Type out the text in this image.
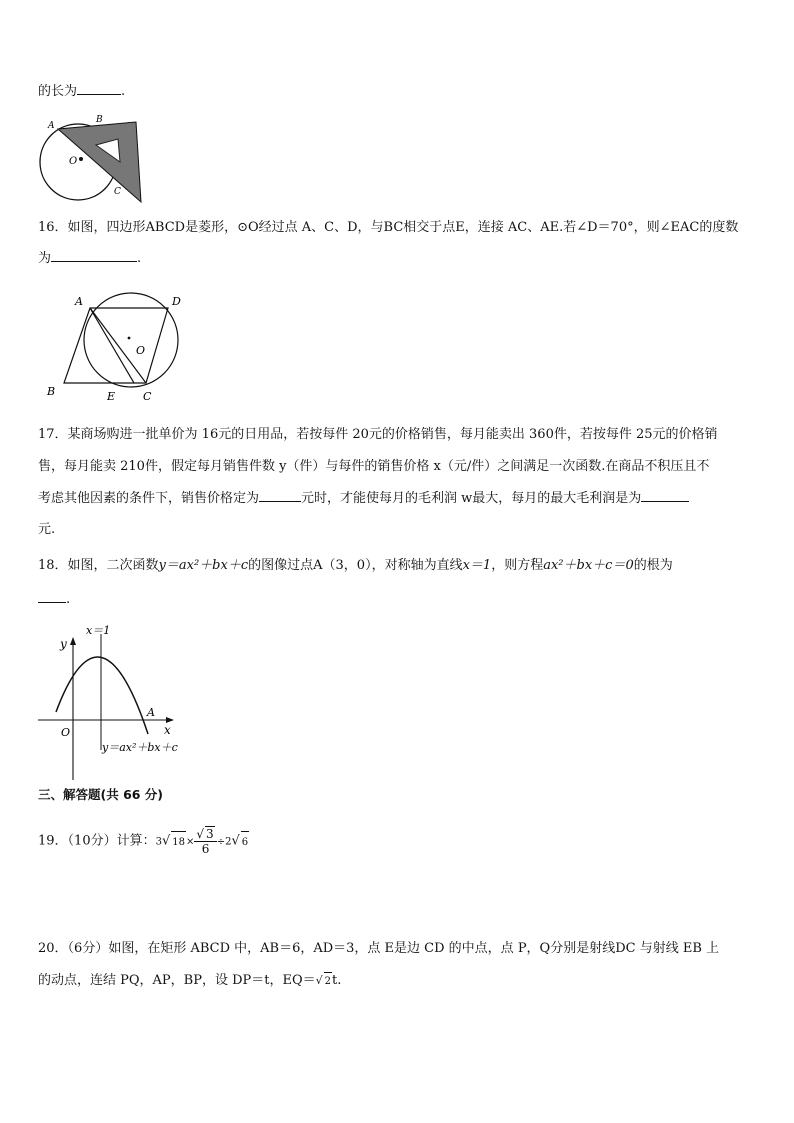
的长为	.
A
B
O
C
16．如图，四边形ABCD是菱形，⊙O经过点 A、C、D，与BC相交于点E，连接 AC、AE.若∠D＝70°，则∠EAC的度数
为	.
A	D
O
B	E	C
17．某商场购进一批单价为 16元的日用品，若按每件 20元的价格销售，每月能卖出 360件，若按每件 25元的价格销
售，每月能卖 210件，假定每月销售件数 y（件）与每件的销售价格 x（元/件）之间满足一次函数.在商品不积压且不
考虑其他因素的条件下，销售价格定为	元时，才能使每月的毛利润 w最大，每月的最大毛利润是为
元.
18．如图，二次函数y＝ax²＋bx＋c的图像过点A（3，0），对称轴为直线x＝1，则方程ax²＋bx＋c＝0的根为
.
y
x＝1
A
O	x
y＝ax²＋bx＋c
三、解答题(共 66 分)
19．（10分）计算：3√ $18\times \frac{√ 3}{6} \div 2√$ 6
20．（6分）如图，在矩形 ABCD 中，AB＝6，AD＝3，点 E是边 CD 的中点，点 P，Q分别是射线DC 与射线 EB 上
的动点，连结 PQ，AP，BP，设 DP＝t，EQ＝√ 2t.
